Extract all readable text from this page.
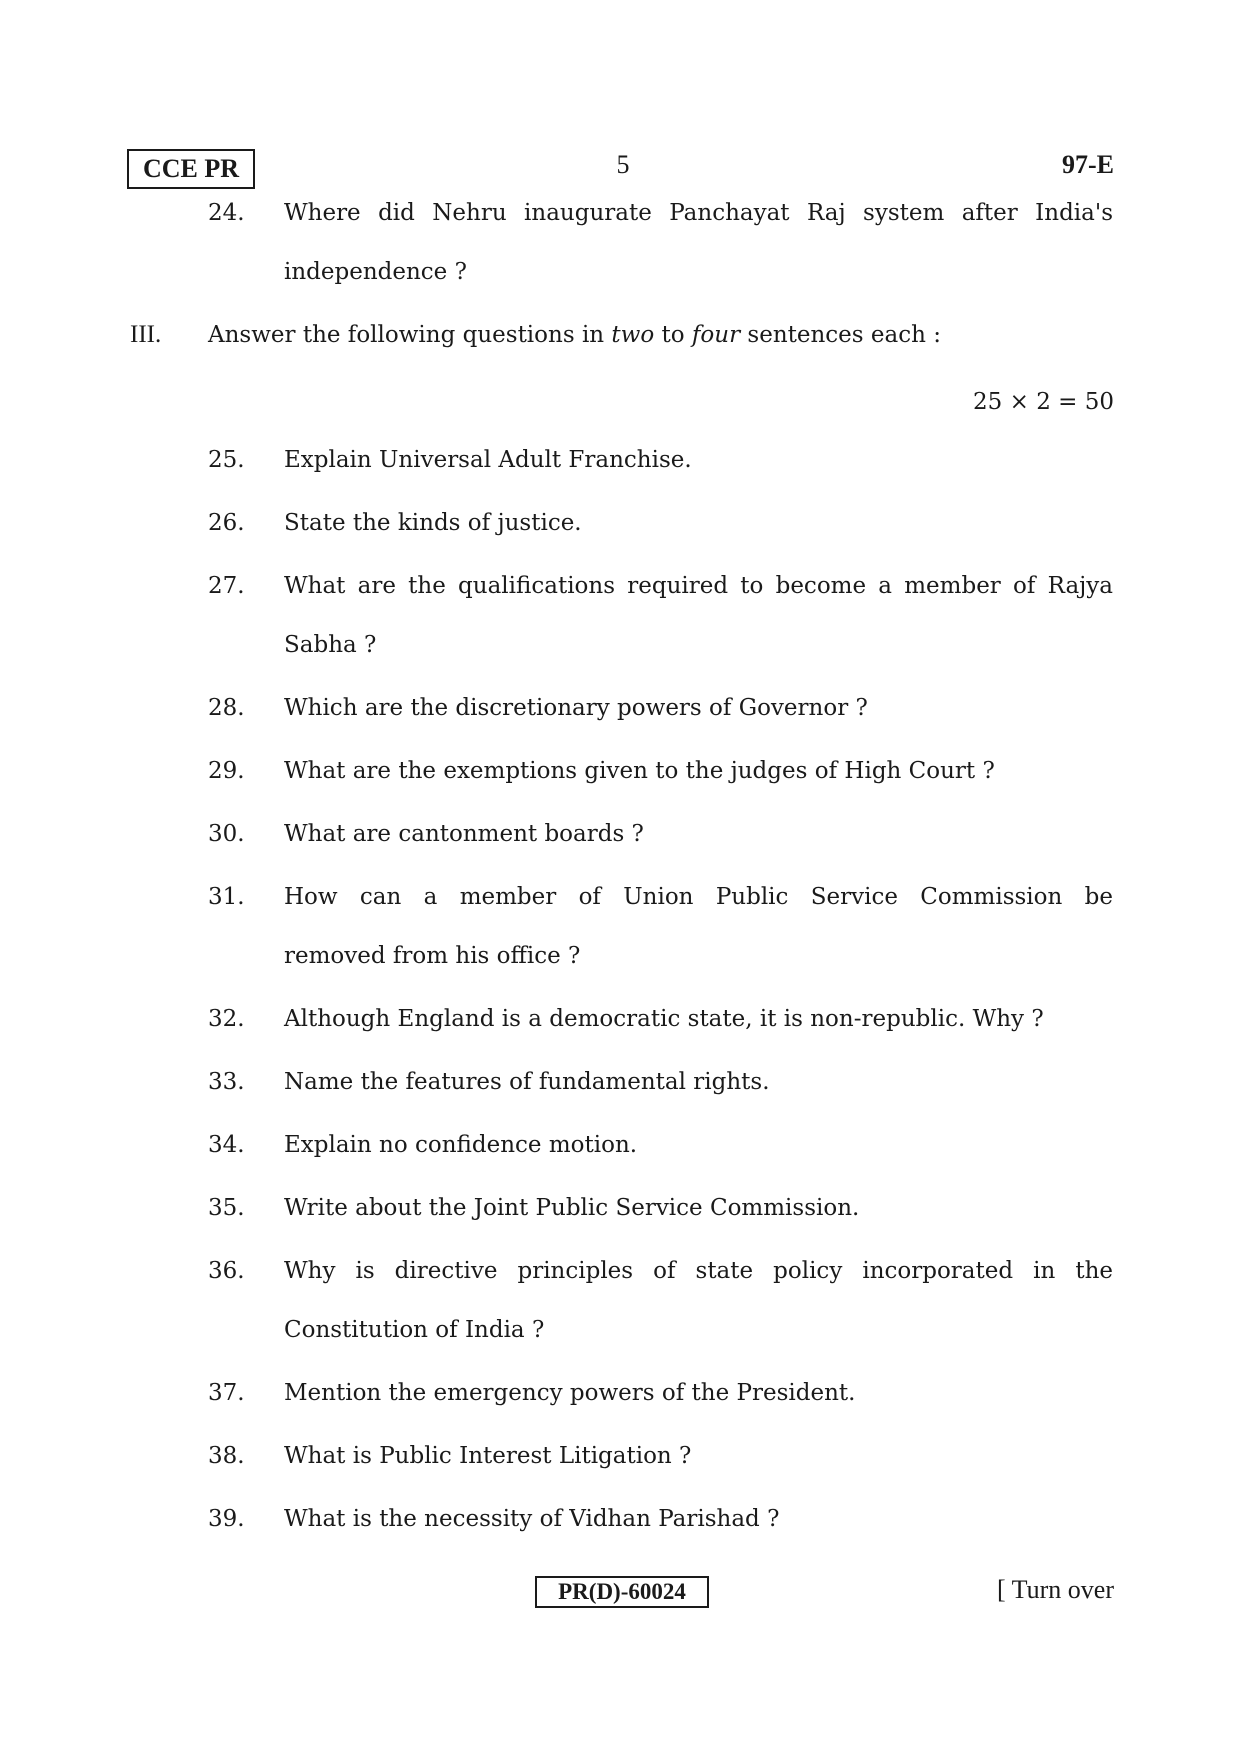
CCE PR	5	97-E
24. Where did Nehru inaugurate Panchayat Raj system after India's
independence ?
III. Answer the following questions in two to four sentences each :
25 × 2 = 50
25. Explain Universal Adult Franchise.
26. State the kinds of justice.
27. What are the qualifications required to become a member of Rajya
Sabha ?
28. Which are the discretionary powers of Governor ?
29. What are the exemptions given to the judges of High Court ?
30. What are cantonment boards ?
31. How can a member of Union Public Service Commission be
removed from his office ?
32. Although England is a democratic state, it is non-republic. Why ?
33. Name the features of fundamental rights.
34. Explain no confidence motion.
35. Write about the Joint Public Service Commission.
36. Why is directive principles of state policy incorporated in the
Constitution of India ?
37. Mention the emergency powers of the President.
38. What is Public Interest Litigation ?
39. What is the necessity of Vidhan Parishad ?
PR(D)-60024	[ Turn over
